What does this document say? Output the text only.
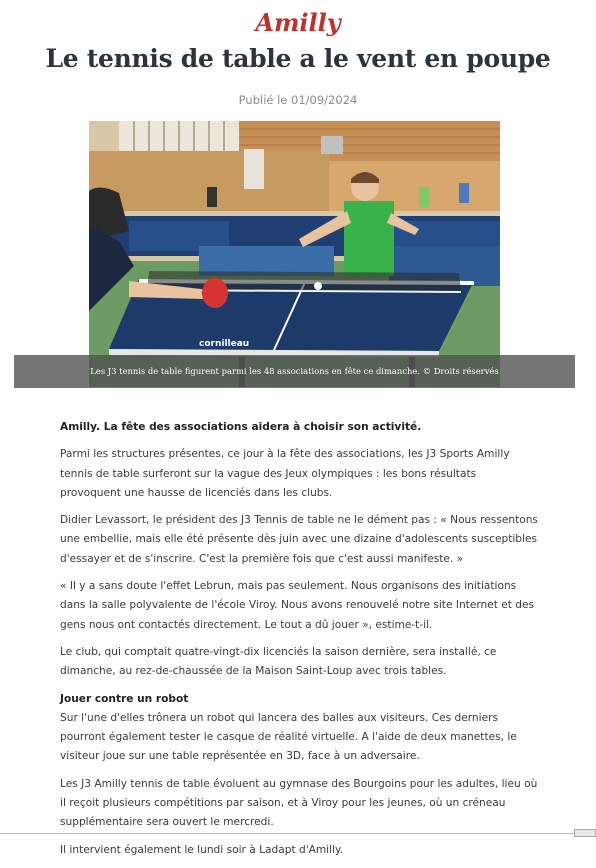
Amilly
Le tennis de table a le vent en poupe
Publié le 01/09/2024
cornilleau
Les J3 tennis de table figurent parmi les 48 associations en fête ce dimanche. © Droits réservés

Amilly. La fête des associations aidera à choisir son activité.

Parmi les structures présentes, ce jour à la fête des associations, les J3 Sports Amilly tennis de table surferont sur la vague des Jeux olympiques : les bons résultats provoquent une hausse de licenciés dans les clubs.

Didier Levassort, le président des J3 Tennis de table ne le dément pas : « Nous ressentons une embellie, mais elle été présente dès juin avec une dizaine d'adolescents susceptibles d'essayer et de s'inscrire. C'est la première fois que c'est aussi manifeste. »

« Il y a sans doute l'effet Lebrun, mais pas seulement. Nous organisons des initiations dans la salle polyvalente de l'école Viroy. Nous avons renouvelé notre site Internet et des gens nous ont contactés directement. Le tout a dû jouer », estime-t-il.

Le club, qui comptait quatre-vingt-dix licenciés la saison dernière, sera installé, ce dimanche, au rez-de-chaussée de la Maison Saint-Loup avec trois tables.

Jouer contre un robot

Sur l'une d'elles trônera un robot qui lancera des balles aux visiteurs. Ces derniers pourront également tester le casque de réalité virtuelle. A l'aide de deux manettes, le visiteur joue sur une table représentée en 3D, face à un adversaire.

Les J3 Amilly tennis de table évoluent au gymnase des Bourgoins pour les adultes, lieu où il reçoit plusieurs compétitions par saison, et à Viroy pour les jeunes, où un créneau supplémentaire sera ouvert le mercredi.

Il intervient également le lundi soir à Ladapt d'Amilly.
